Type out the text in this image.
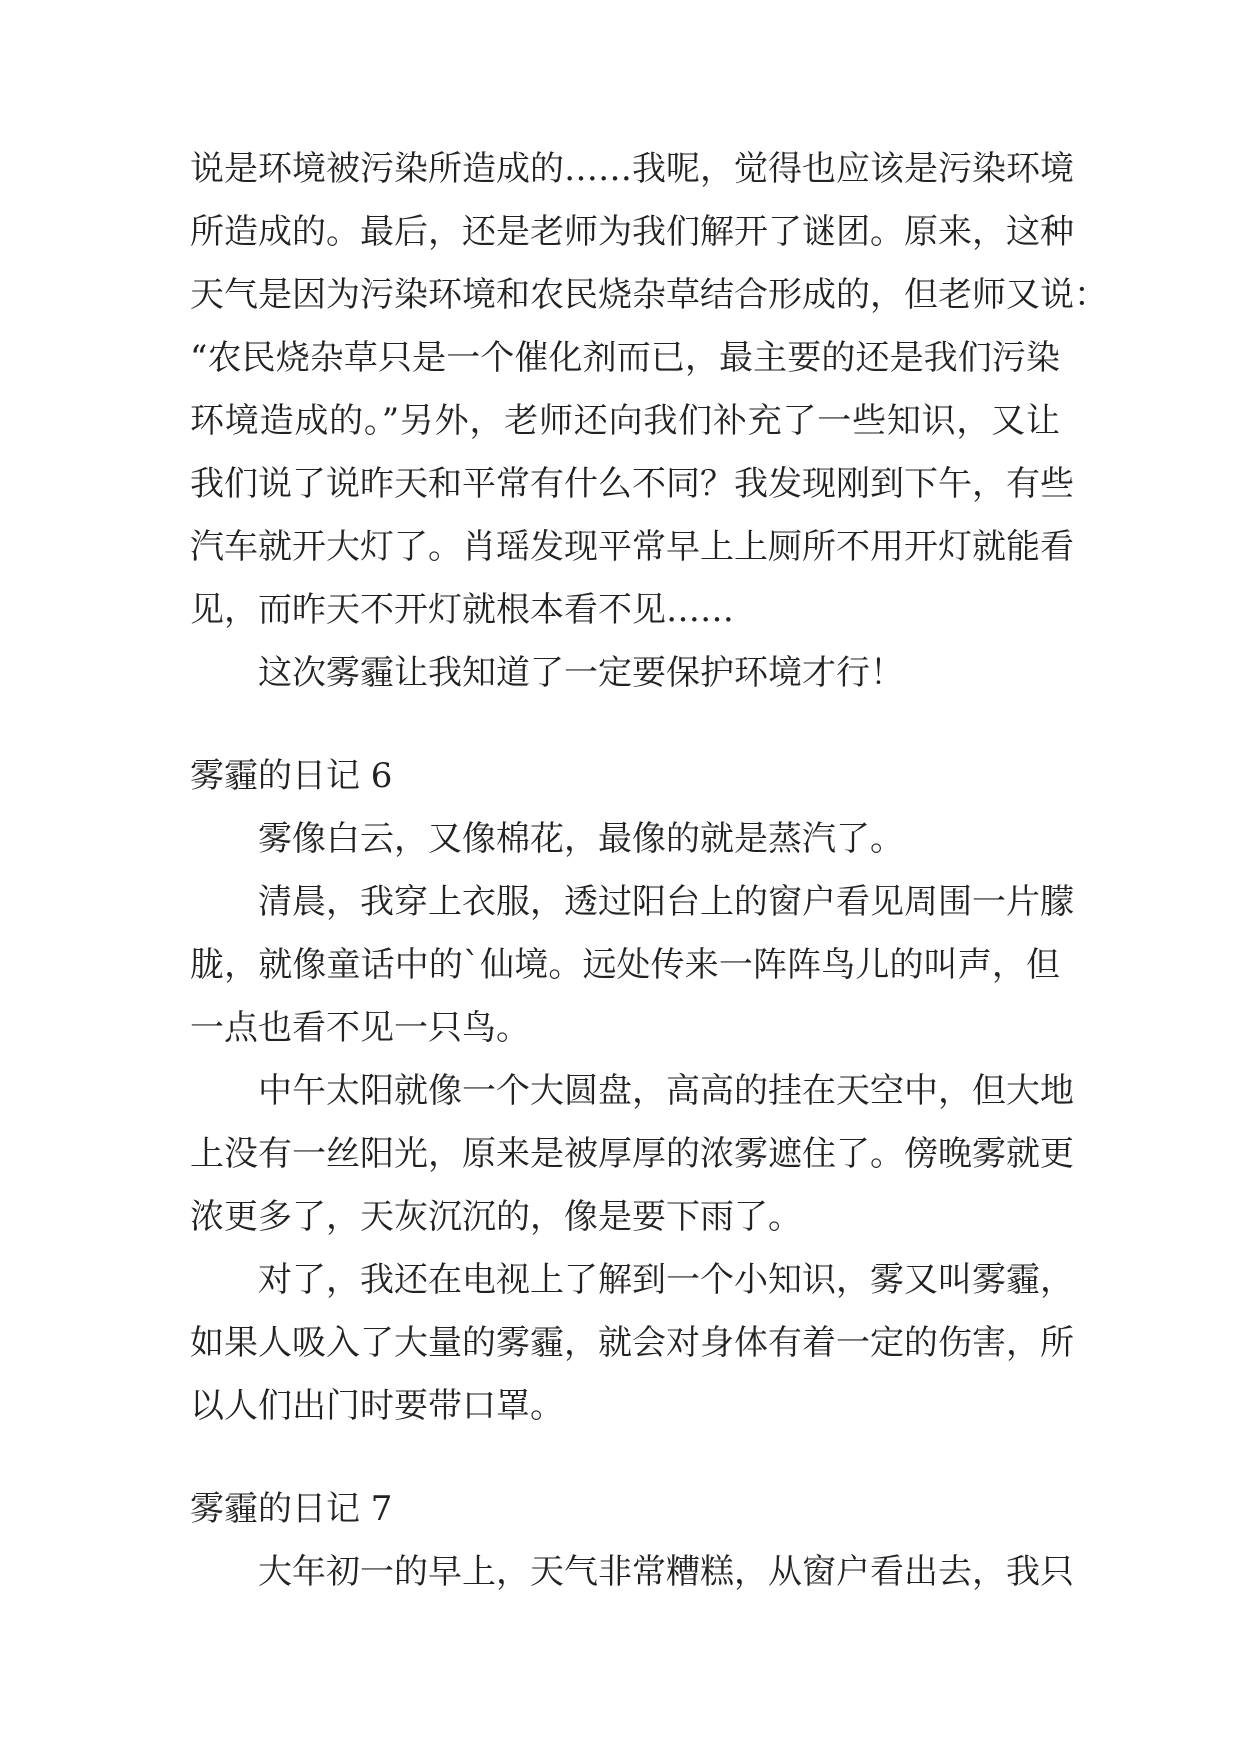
说是环境被污染所造成的……我呢，觉得也应该是污染环境
所造成的。最后，还是老师为我们解开了谜团。原来，这种
天气是因为污染环境和农民烧杂草结合形成的，但老师又说：
“农民烧杂草只是一个催化剂而已，最主要的还是我们污染
环境造成的。”另外，老师还向我们补充了一些知识，又让
我们说了说昨天和平常有什么不同？我发现刚到下午，有些
汽车就开大灯了。肖瑶发现平常早上上厕所不用开灯就能看
见，而昨天不开灯就根本看不见……
这次雾霾让我知道了一定要保护环境才行！
雾霾的日记 6
雾像白云，又像棉花，最像的就是蒸汽了。
清晨，我穿上衣服，透过阳台上的窗户看见周围一片朦
胧，就像童话中的`仙境。远处传来一阵阵鸟儿的叫声，但
一点也看不见一只鸟。
中午太阳就像一个大圆盘，高高的挂在天空中，但大地
上没有一丝阳光，原来是被厚厚的浓雾遮住了。傍晚雾就更
浓更多了，天灰沉沉的，像是要下雨了。
对了，我还在电视上了解到一个小知识，雾又叫雾霾，
如果人吸入了大量的雾霾，就会对身体有着一定的伤害，所
以人们出门时要带口罩。
雾霾的日记 7
大年初一的早上，天气非常糟糕，从窗户看出去，我只
